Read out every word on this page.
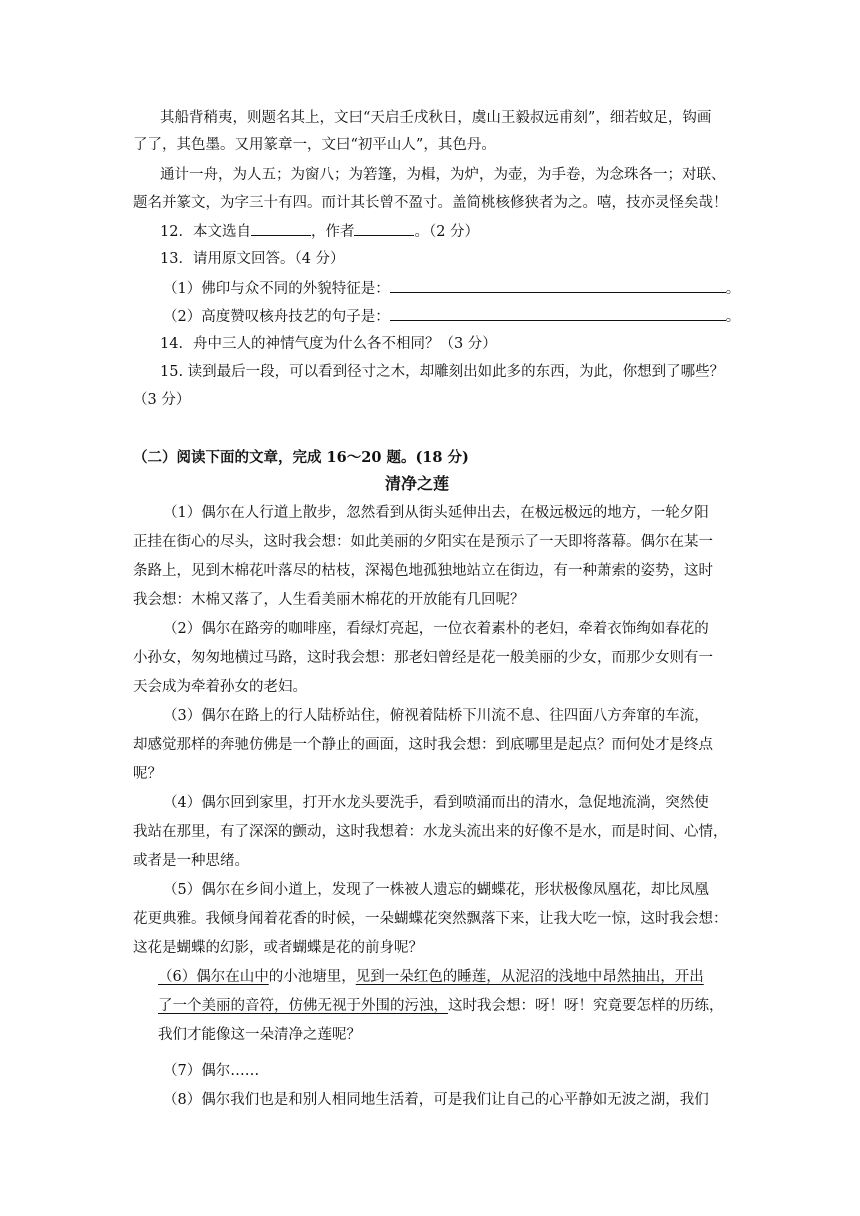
其船背稍夷，则题名其上，文曰“天启壬戌秋日，虞山王毅叔远甫刻”，细若蚊足，钩画
了了，其色墨。又用篆章一，文曰“初平山人”，其色丹。
通计一舟，为人五；为窗八；为箬篷，为楫，为炉，为壶，为手卷，为念珠各一；对联、
题名并篆文，为字三十有四。而计其长曾不盈寸。盖简桃核修狭者为之。嘻，技亦灵怪矣哉！
12．本文选自	，作者	。（2 分）
13．请用原文回答。（4 分）
（1）佛印与众不同的外貌特征是：	。
（2）高度赞叹核舟技艺的句子是：	。
14．舟中三人的神情气度为什么各不相同？（3 分）
15. 读到最后一段，可以看到径寸之木，却雕刻出如此多的东西，为此，你想到了哪些？
（3 分）
（二）阅读下面的文章，完成 16～20 题。(18 分)
清净之莲
（1）偶尔在人行道上散步，忽然看到从街头延伸出去，在极远极远的地方，一轮夕阳
正挂在街心的尽头，这时我会想：如此美丽的夕阳实在是预示了一天即将落幕。偶尔在某一
条路上，见到木棉花叶落尽的枯枝，深褐色地孤独地站立在街边，有一种萧索的姿势，这时
我会想：木棉又落了，人生看美丽木棉花的开放能有几回呢？
（2）偶尔在路旁的咖啡座，看绿灯亮起，一位衣着素朴的老妇，牵着衣饰绚如春花的
小孙女，匆匆地横过马路，这时我会想：那老妇曾经是花一般美丽的少女，而那少女则有一
天会成为牵着孙女的老妇。
（3）偶尔在路上的行人陆桥站住，俯视着陆桥下川流不息、往四面八方奔窜的车流，
却感觉那样的奔驰仿佛是一个静止的画面，这时我会想：到底哪里是起点？而何处才是终点
呢？
（4）偶尔回到家里，打开水龙头要洗手，看到喷涌而出的清水，急促地流淌，突然使
我站在那里，有了深深的颤动，这时我想着：水龙头流出来的好像不是水，而是时间、心情，
或者是一种思绪。
（5）偶尔在乡间小道上，发现了一株被人遗忘的蝴蝶花，形状极像凤凰花，却比凤凰
花更典雅。我倾身闻着花香的时候，一朵蝴蝶花突然飘落下来，让我大吃一惊，这时我会想：
这花是蝴蝶的幻影，或者蝴蝶是花的前身呢？
（6）偶尔在山中的小池塘里，见到一朵红色的睡莲，从泥沼的浅地中昂然抽出，开出
了一个美丽的音符，仿佛无视于外围的污浊，这时我会想：呀！呀！究竟要怎样的历练，
我们才能像这一朵清净之莲呢？
（7）偶尔……
（8）偶尔我们也是和别人相同地生活着，可是我们让自己的心平静如无波之湖，我们
